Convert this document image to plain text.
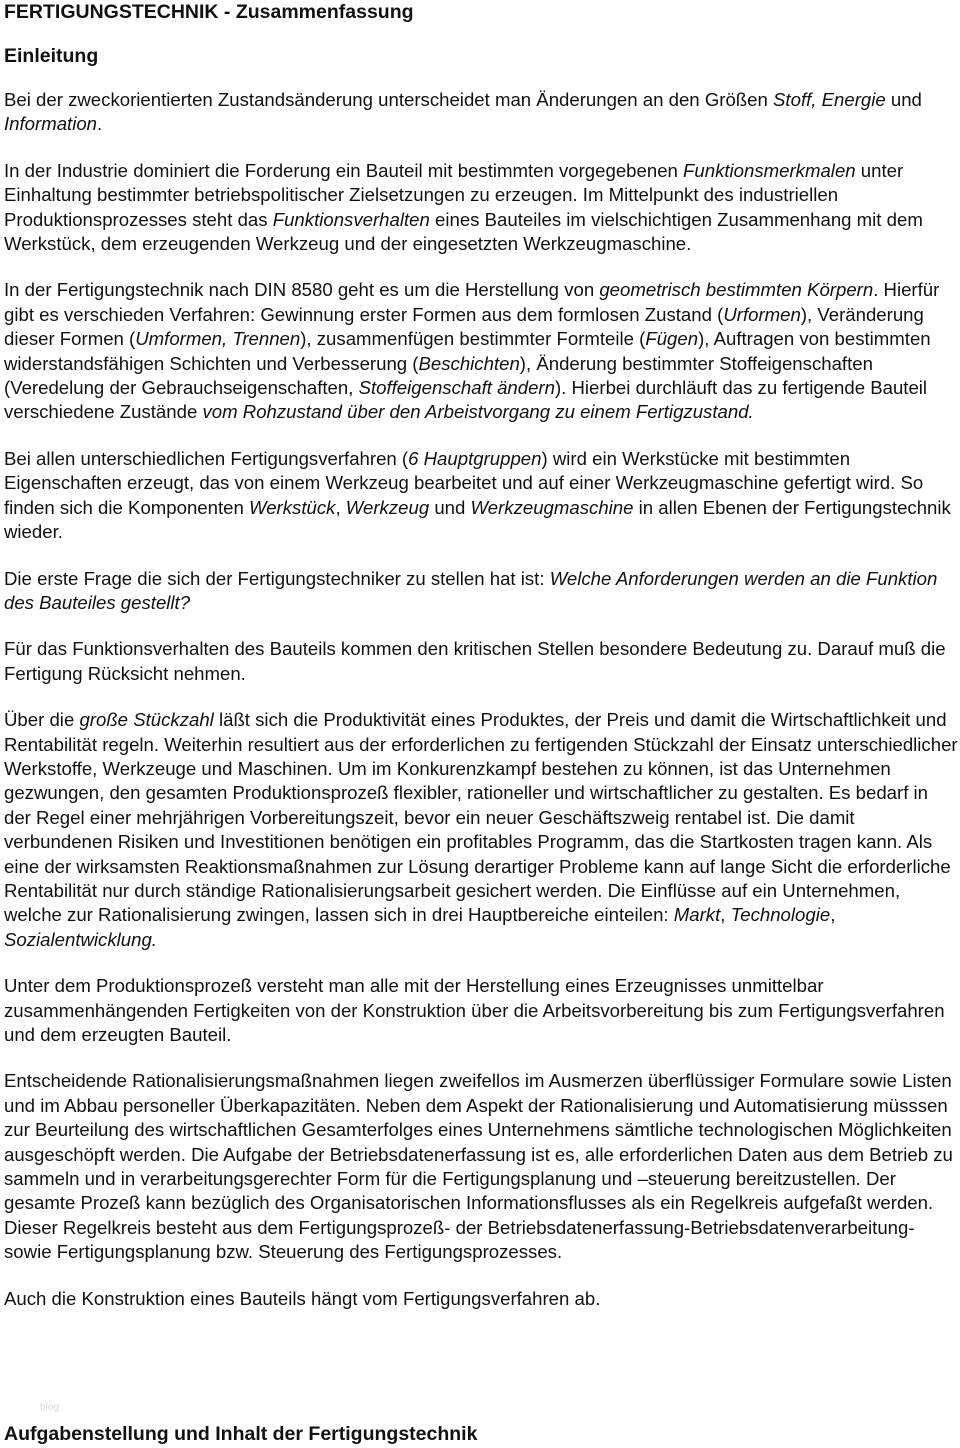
FERTIGUNGSTECHNIK - Zusammenfassung
Einleitung

Bei der zweckorientierten Zustandsänderung unterscheidet man Änderungen an den Größen Stoff, Energie und Information.

In der Industrie dominiert die Forderung ein Bauteil mit bestimmten vorgegebenen Funktionsmerkmalen unter Einhaltung bestimmter betriebspolitischer Zielsetzungen zu erzeugen. Im Mittelpunkt des industriellen Produktionsprozesses steht das Funktionsverhalten eines Bauteiles im vielschichtigen Zusammenhang mit dem Werkstück, dem erzeugenden Werkzeug und der eingesetzten Werkzeugmaschine.

In der Fertigungstechnik nach DIN 8580 geht es um die Herstellung von geometrisch bestimmten Körpern. Hierfür gibt es verschieden Verfahren: Gewinnung erster Formen aus dem formlosen Zustand (Urformen), Veränderung dieser Formen (Umformen, Trennen), zusammenfügen bestimmter Formteile (Fügen), Auftragen von bestimmten widerstandsfähigen Schichten und Verbesserung (Beschichten), Änderung bestimmter Stoffeigenschaften (Veredelung der Gebrauchseigenschaften, Stoffeigenschaft ändern). Hierbei durchläuft das zu fertigende Bauteil verschiedene Zustände vom Rohzustand über den Arbeistvorgang zu einem Fertigzustand.

Bei allen unterschiedlichen Fertigungsverfahren (6 Hauptgruppen) wird ein Werkstücke mit bestimmten Eigenschaften erzeugt, das von einem Werkzeug bearbeitet und auf einer Werkzeugmaschine gefertigt wird. So finden sich die Komponenten Werkstück, Werkzeug und Werkzeugmaschine in allen Ebenen der Fertigungstechnik wieder.

Die erste Frage die sich der Fertigungstechniker zu stellen hat ist: Welche Anforderungen werden an die Funktion des Bauteiles gestellt?

Für das Funktionsverhalten des Bauteils kommen den kritischen Stellen besondere Bedeutung zu. Darauf muß die Fertigung Rücksicht nehmen.

Über die große Stückzahl läßt sich die Produktivität eines Produktes, der Preis und damit die Wirtschaftlichkeit und Rentabilität regeln. Weiterhin resultiert aus der erforderlichen zu fertigenden Stückzahl der Einsatz unterschiedlicher Werkstoffe, Werkzeuge und Maschinen. Um im Konkurenzkampf bestehen zu können, ist das Unternehmen gezwungen, den gesamten Produktionsprozeß flexibler, rationeller und wirtschaftlicher zu gestalten. Es bedarf in der Regel einer mehrjährigen Vorbereitungszeit, bevor ein neuer Geschäftszweig rentabel ist. Die damit verbundenen Risiken und Investitionen benötigen ein profitables Programm, das die Startkosten tragen kann. Als eine der wirksamsten Reaktionsmaßnahmen zur Lösung derartiger Probleme kann auf lange Sicht die erforderliche Rentabilität nur durch ständige Rationalisierungsarbeit gesichert werden. Die Einflüsse auf ein Unternehmen, welche zur Rationalisierung zwingen, lassen sich in drei Hauptbereiche einteilen: Markt, Technologie, Sozialentwicklung.

Unter dem Produktionsprozeß versteht man alle mit der Herstellung eines Erzeugnisses unmittelbar zusammenhängenden Fertigkeiten von der Konstruktion über die Arbeitsvorbereitung bis zum Fertigungsverfahren und dem erzeugten Bauteil.

Entscheidende Rationalisierungsmaßnahmen liegen zweifellos im Ausmerzen überflüssiger Formulare sowie Listen und im Abbau personeller Überkapazitäten. Neben dem Aspekt der Rationalisierung und Automatisierung müsssen zur Beurteilung des wirtschaftlichen Gesamterfolges eines Unternehmens sämtliche technologischen Möglichkeiten ausgeschöpft werden. Die Aufgabe der Betriebsdatenerfassung ist es, alle erforderlichen Daten aus dem Betrieb zu sammeln und in verarbeitungsgerechter Form für die Fertigungsplanung und –steuerung bereitzustellen. Der gesamte Prozeß kann bezüglich des Organisatorischen Informationsflusses als ein Regelkreis aufgefaßt werden. Dieser Regelkreis besteht aus dem Fertigungsprozeß- der Betriebsdatenerfassung-Betriebsdatenverarbeitung- sowie Fertigungsplanung bzw. Steuerung des Fertigungsprozesses.

Auch die Konstruktion eines Bauteils hängt vom Fertigungsverfahren ab.

blog
Aufgabenstellung und Inhalt der Fertigungstechnik
